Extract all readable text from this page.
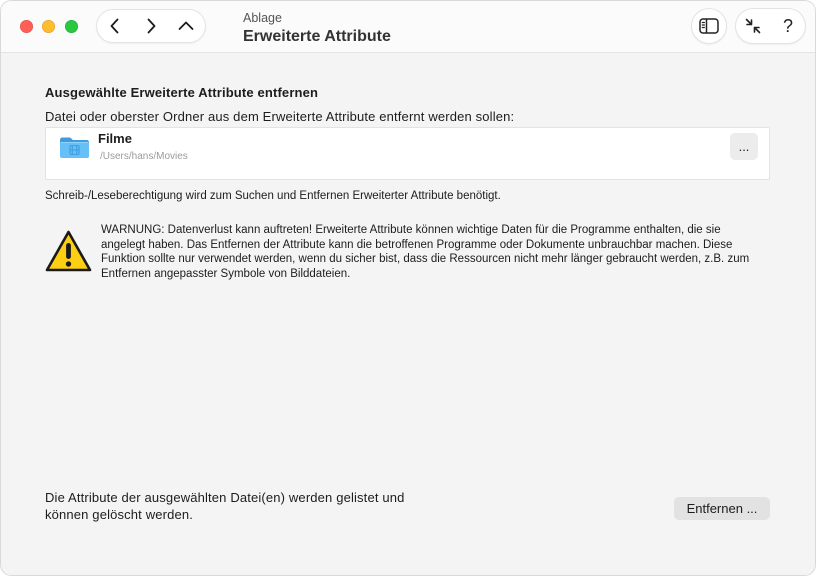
Ablage
Erweiterte Attribute
?
Ausgewählte Erweiterte Attribute entfernen
Datei oder oberster Ordner aus dem Erweiterte Attribute entfernt werden sollen:
Filme
/Users/hans/Movies
...
Schreib-/Leseberechtigung wird zum Suchen und Entfernen Erweiterter Attribute benötigt.
WARNUNG: Datenverlust kann auftreten! Erweiterte Attribute können wichtige Daten für die Programme enthalten, die sie
angelegt haben. Das Entfernen der Attribute kann die betroffenen Programme oder Dokumente unbrauchbar machen. Diese
Funktion sollte nur verwendet werden, wenn du sicher bist, dass die Ressourcen nicht mehr länger gebraucht werden, z.B. zum
Entfernen angepasster Symbole von Bilddateien.
Die Attribute der ausgewählten Datei(en) werden gelistet und
können gelöscht werden.	Entfernen ...
